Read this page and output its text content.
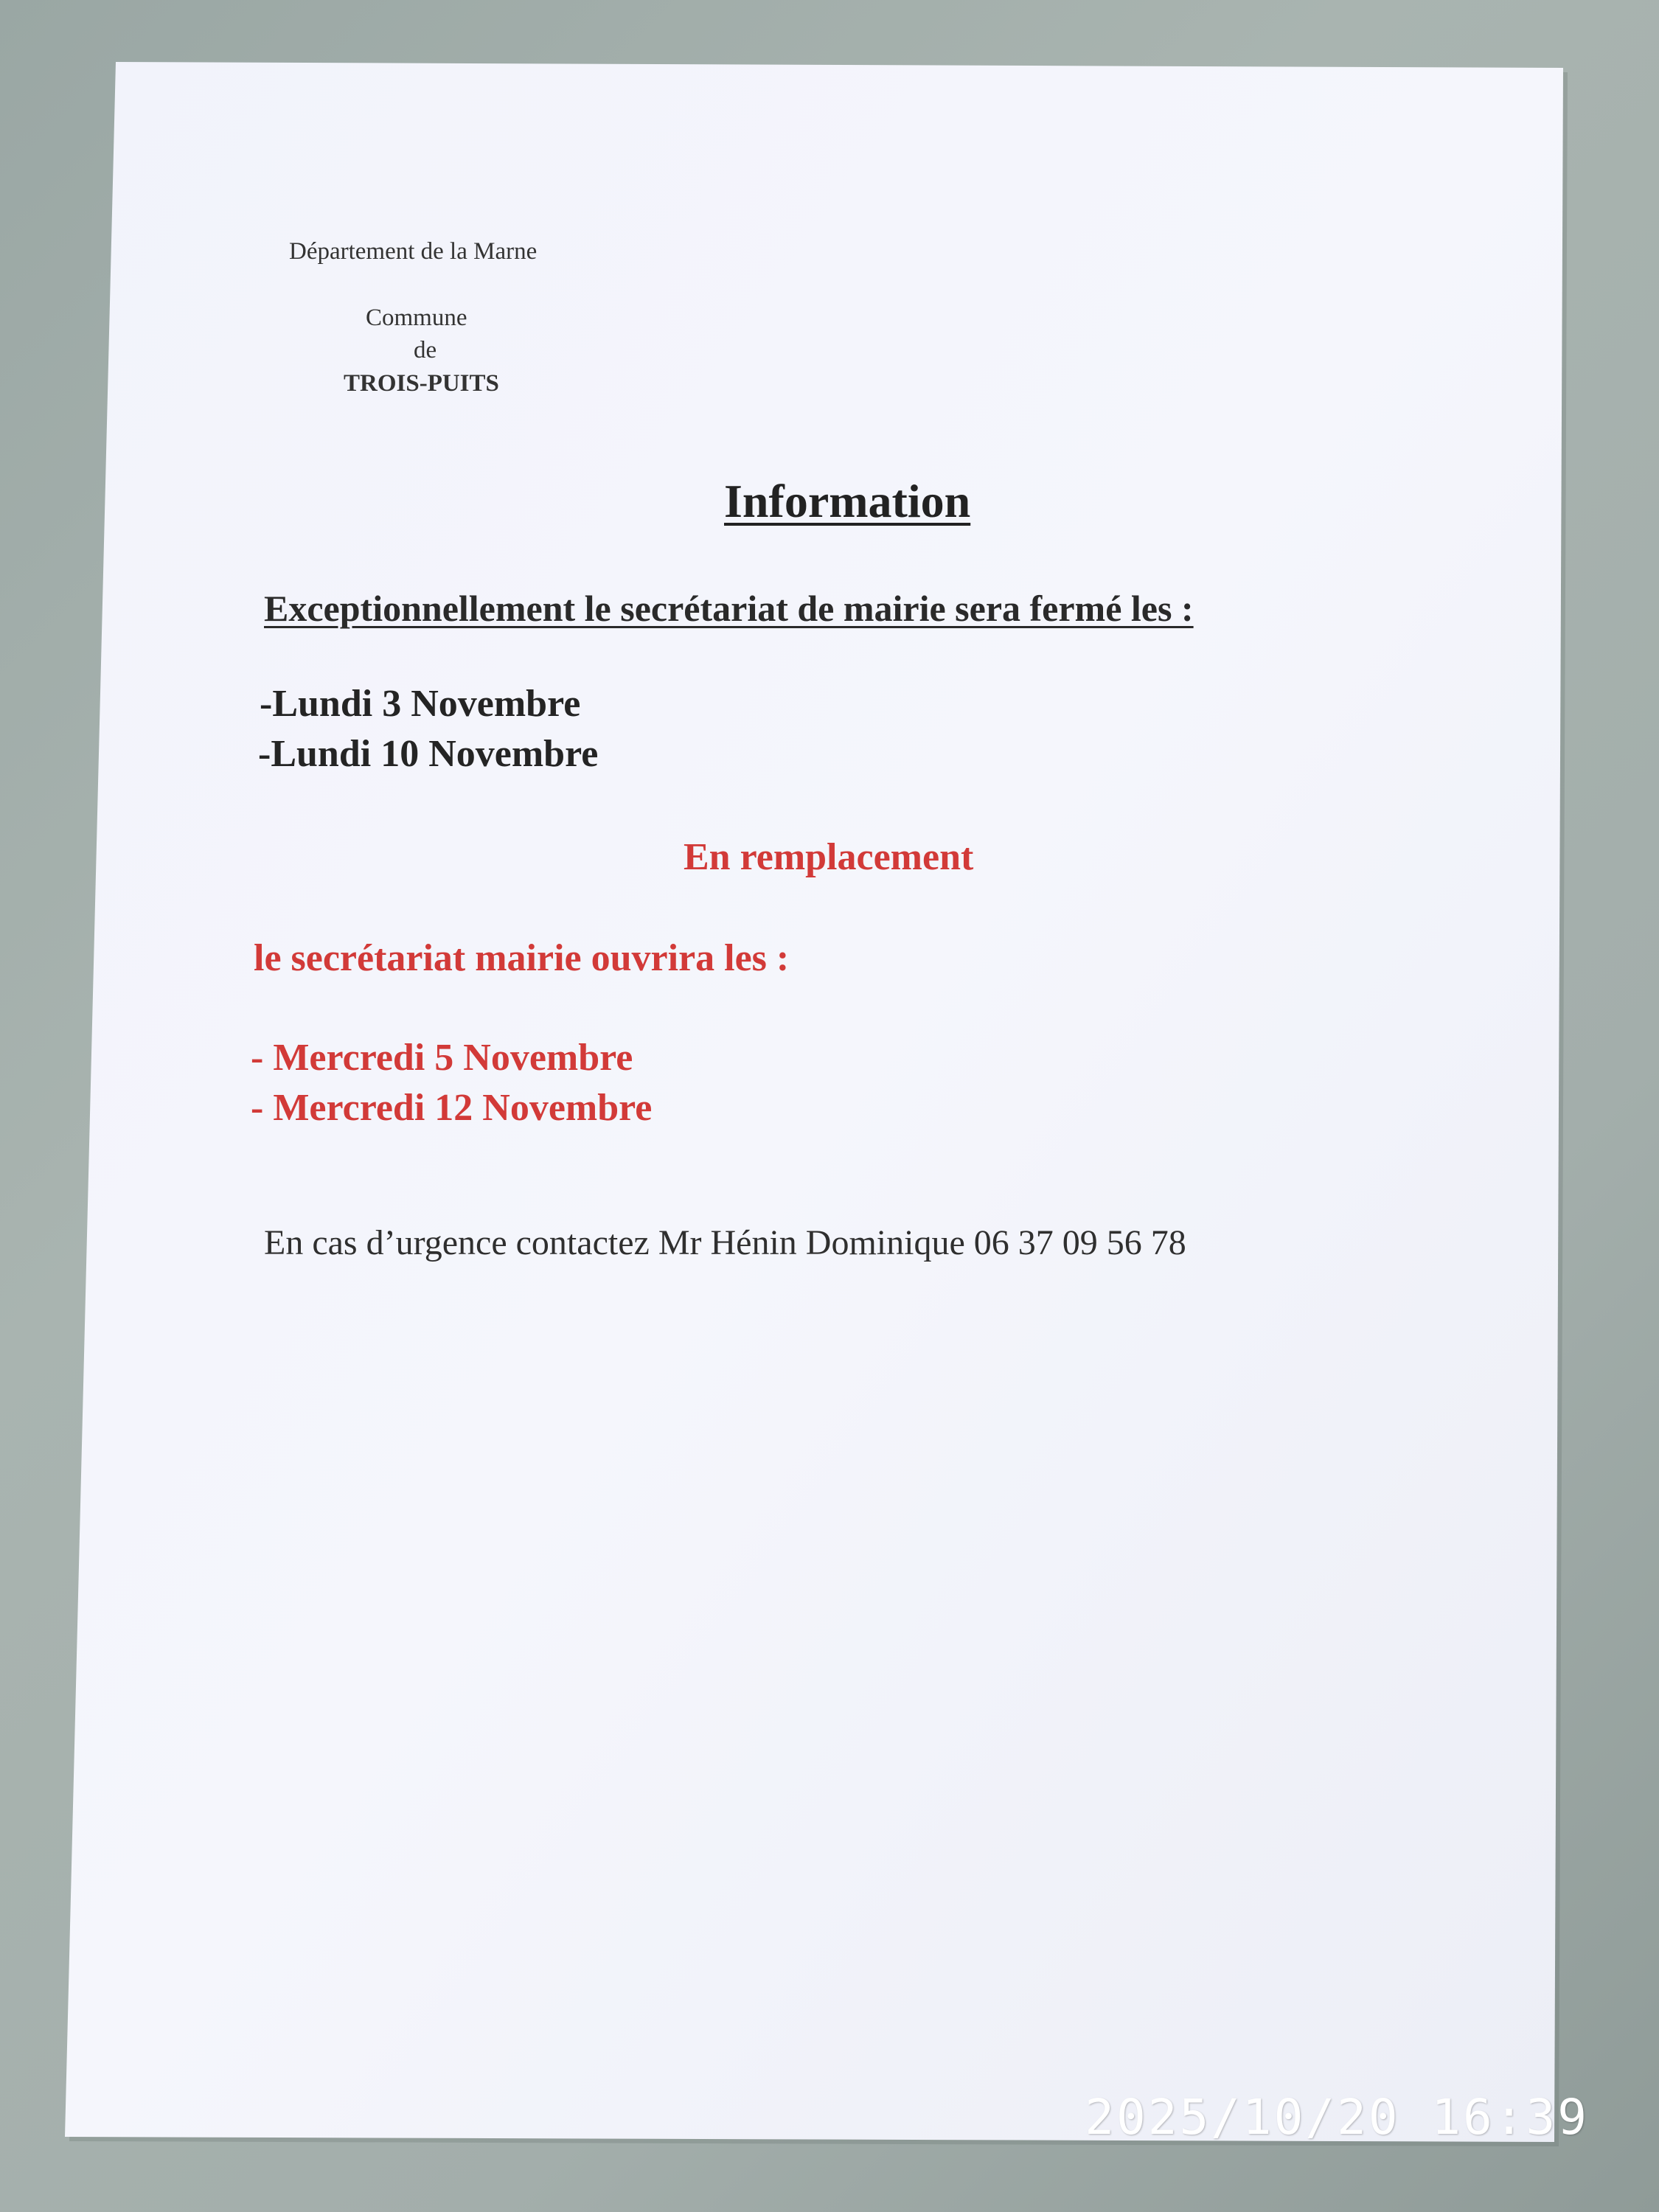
Département de la Marne
Commune
de
TROIS-PUITS
Information
Exceptionnellement le secrétariat de mairie sera fermé les :
-Lundi 3 Novembre
-Lundi 10 Novembre
En remplacement
le secrétariat mairie ouvrira les :
- Mercredi 5 Novembre
- Mercredi 12 Novembre
En cas d’urgence contactez Mr Hénin Dominique 06 37 09 56 78
2025/10/20 16:39
